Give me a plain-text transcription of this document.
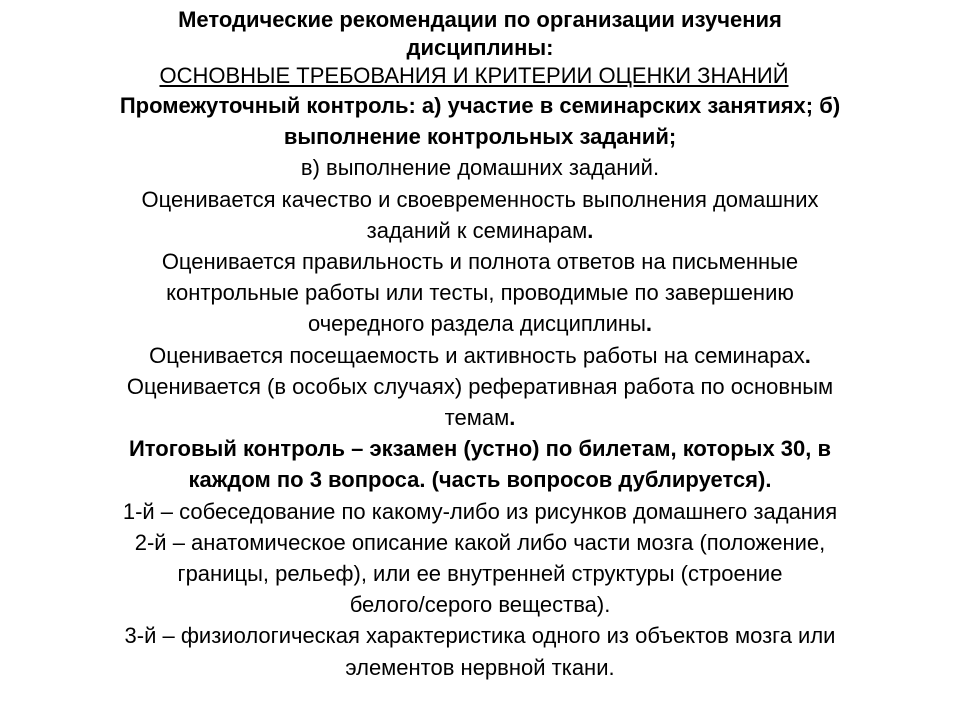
Методические рекомендации по организации изучения
дисциплины:
ОСНОВНЫЕ ТРЕБОВАНИЯ И КРИТЕРИИ ОЦЕНКИ ЗНАНИЙ
Промежуточный контроль: а) участие в семинарских занятиях; б)
выполнение контрольных заданий;
в) выполнение домашних заданий.
Оценивается качество и своевременность выполнения домашних
заданий к семинарам.
Оценивается правильность и полнота ответов на письменные
контрольные работы или тесты, проводимые по завершению
очередного раздела дисциплины.
Оценивается посещаемость и активность работы на семинарах.
Оценивается (в особых случаях) реферативная работа по основным
темам.
Итоговый контроль – экзамен (устно) по билетам, которых 30, в
каждом по 3 вопроса. (часть вопросов дублируется).
1-й – собеседование по какому-либо из рисунков домашнего задания
2-й – анатомическое описание какой либо части мозга (положение,
границы, рельеф), или ее внутренней структуры (строение
белого/серого вещества).
3-й – физиологическая характеристика одного из объектов мозга или
элементов нервной ткани.
